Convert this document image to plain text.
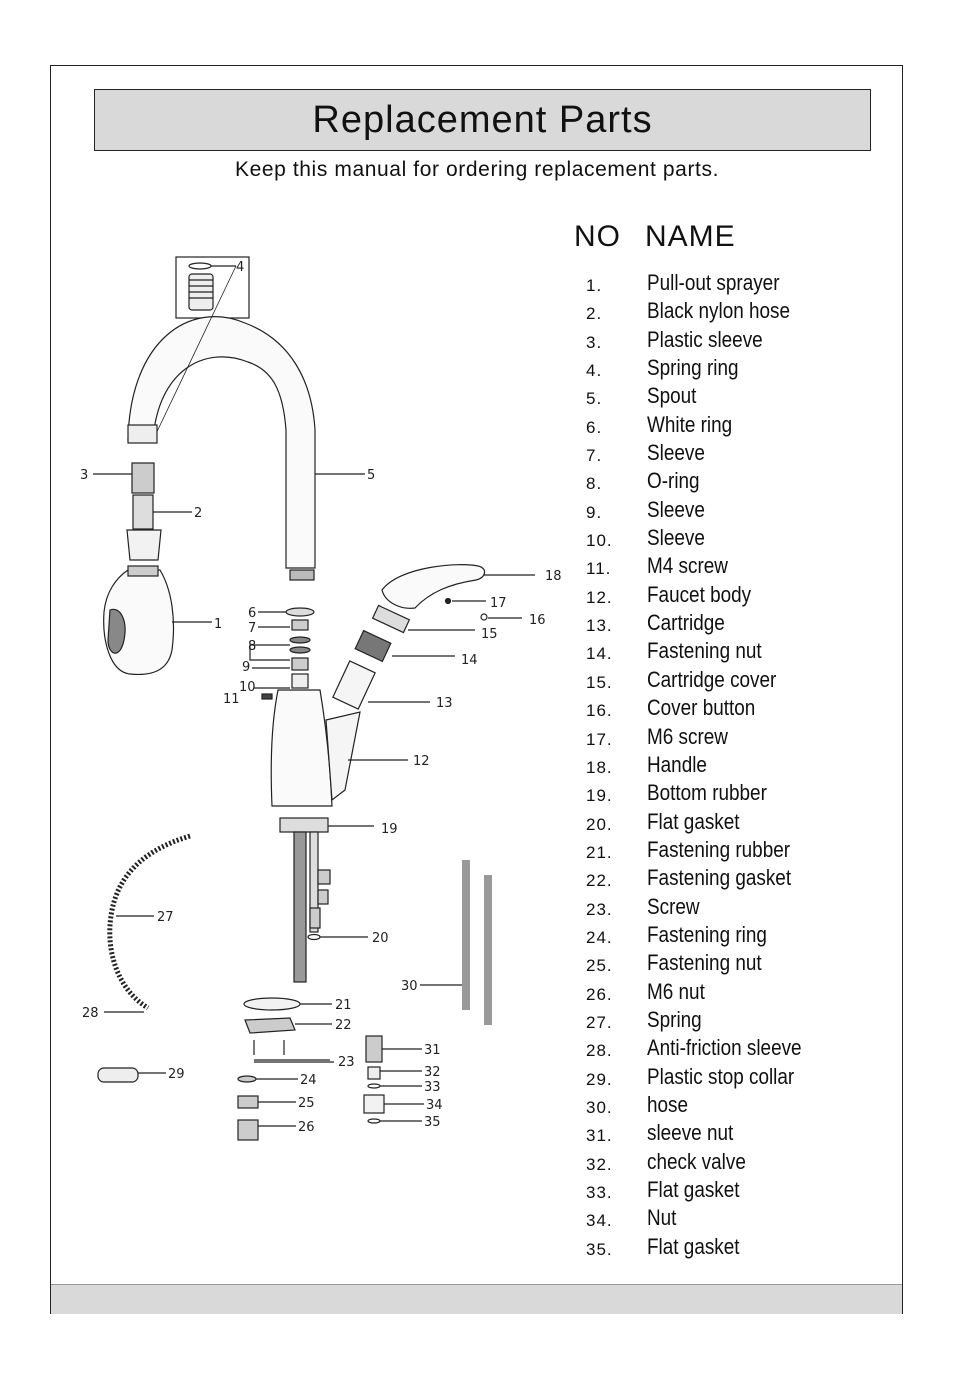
Replacement Parts
Keep this manual for ordering replacement parts.
NO NAME
1. Pull-out sprayer
2. Black nylon hose
3. Plastic sleeve
4. Spring ring
5. Spout
6. White ring
7. Sleeve
8. O-ring
9. Sleeve
10. Sleeve
11. M4 screw
12. Faucet body
13. Cartridge
14. Fastening nut
15. Cartridge cover
16. Cover button
17. M6 screw
18. Handle
19. Bottom rubber
20. Flat gasket
21. Fastening rubber
22. Fastening gasket
23. Screw
24. Fastening ring
25. Fastening nut
26. M6 nut
27. Spring
28. Anti-friction sleeve
29. Plastic stop collar
30. hose
31. sleeve nut
32. check valve
33. Flat gasket
34. Nut
35. Flat gasket
4
3	5
2
1
18
17
16
15
14
6
7
8
9
10
11	13
12
19
27
20
30
21
28
22
31
23
29	32
24	33
25	34
35
26
